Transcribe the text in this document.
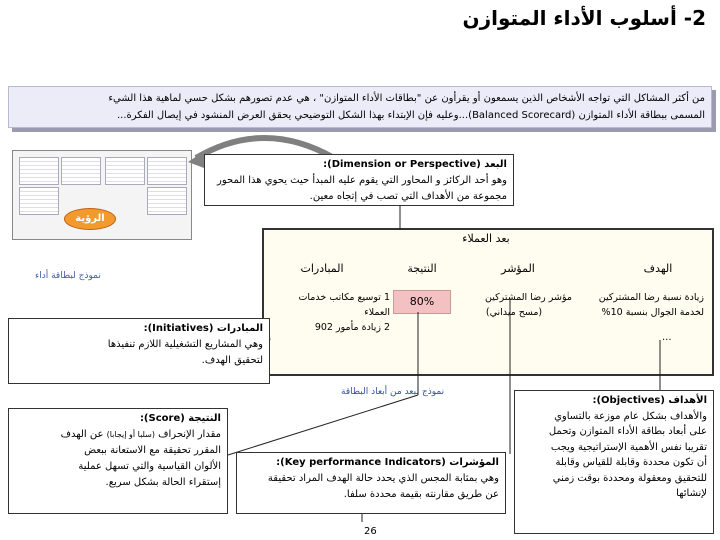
2- أسلوب الأداء المتوازن
من أكثر المشاكل التي تواجه الأشخاص الذين يسمعون أو يقرأون عن "بطاقات الأداء المتوازن" ، هي عدم تصورهم بشكل حسي لماهية هذا الشيء
المسمى ببطاقة الأداء المتوازن (Balanced Scorecard)...وعليه فإن الإبتداء بهذا الشكل التوضيحي يحقق العرض المنشود في إيصال الفكرة...
الرؤية
نموذج لبطاقة أداء
البعد (Dimension or Perspective):
وهو أحد الركائز و المحاور التي يقوم عليه المبدأ حيث يحوي هذا المحور
مجموعة من الأهداف التي تصب في إتجاه معين.
بعد العملاء
الهدف
المؤشر
النتيجة
المبادرات
زيادة نسبة رضا المشتركين
لخدمة الجوال بنسبة 10%
مؤشر رضا المشتركين
(مسح ميداني)
80%
1 توسيع مكاتب خدمات العملاء
2 زيادة مأمور 902
...
نموذج لبعد من أبعاد البطاقة
المبادرات (Initiatives):
وهي المشاريع التشغيلية اللازم تنفيذها
لتحقيق الهدف.
الأهداف (Objectives):
والأهداف بشكل عام موزعة بالتساوي
على أبعاد بطاقة الأداء المتوازن وتحمل
تقريبا نفس الأهمية الإستراتيجية ويجب
أن تكون محددة وقابلة للقياس وقابلة
للتحقيق ومعقولة ومحددة بوقت زمني
لإنشائها
النتيجة (Score):
مقدار الإنحراف (سلبا أو إيجابا) عن الهدف
المقرر تحقيقة مع الاستعانة ببعض
الألوان القياسية والتي تسهل عملية
إستقراء الحالة بشكل سريع.
المؤشرات (Key performance Indicators):
وهي بمثابة المجس الذي يحدد حالة الهدف المراد تحقيقة
عن طريق مقارنته بقيمة محددة سلفا.
26
